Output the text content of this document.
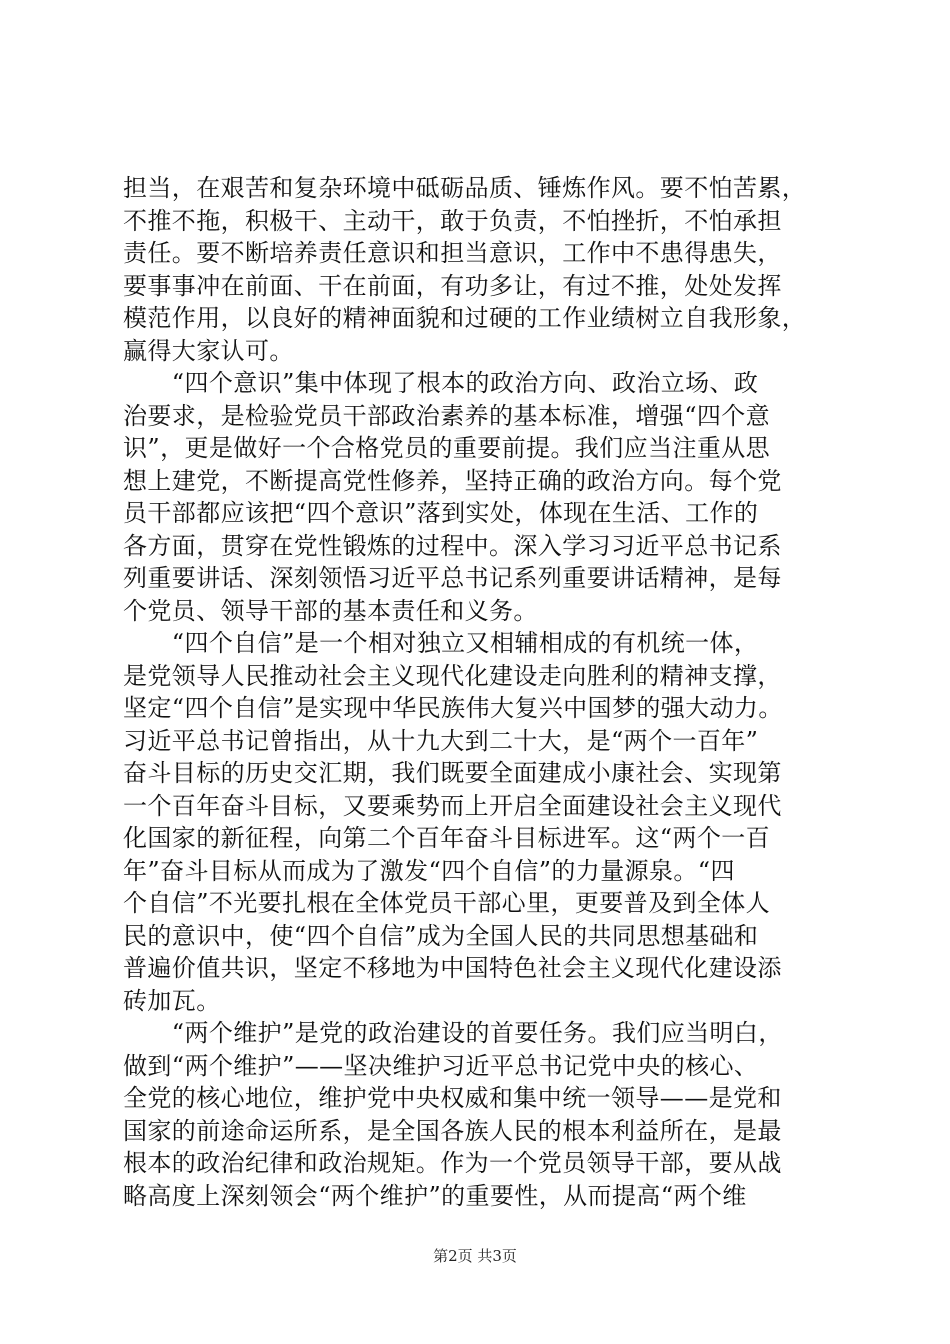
担当，在艰苦和复杂环境中砥砺品质、锤炼作风。要不怕苦累，
不推不拖，积极干、主动干，敢于负责，不怕挫折，不怕承担
责任。要不断培养责任意识和担当意识，工作中不患得患失，
要事事冲在前面、干在前面，有功多让，有过不推，处处发挥
模范作用，以良好的精神面貌和过硬的工作业绩树立自我形象，
赢得大家认可。
　　“四个意识”集中体现了根本的政治方向、政治立场、政
治要求，是检验党员干部政治素养的基本标准，增强“四个意
识”，更是做好一个合格党员的重要前提。我们应当注重从思
想上建党，不断提高党性修养，坚持正确的政治方向。每个党
员干部都应该把“四个意识”落到实处，体现在生活、工作的
各方面，贯穿在党性锻炼的过程中。深入学习习近平总书记系
列重要讲话、深刻领悟习近平总书记系列重要讲话精神，是每
个党员、领导干部的基本责任和义务。
　　“四个自信”是一个相对独立又相辅相成的有机统一体，
是党领导人民推动社会主义现代化建设走向胜利的精神支撑，
坚定“四个自信”是实现中华民族伟大复兴中国梦的强大动力。
习近平总书记曾指出，从十九大到二十大，是“两个一百年”
奋斗目标的历史交汇期，我们既要全面建成小康社会、实现第
一个百年奋斗目标，又要乘势而上开启全面建设社会主义现代
化国家的新征程，向第二个百年奋斗目标进军。这“两个一百
年”奋斗目标从而成为了激发“四个自信”的力量源泉。“四
个自信”不光要扎根在全体党员干部心里，更要普及到全体人
民的意识中，使“四个自信”成为全国人民的共同思想基础和
普遍价值共识，坚定不移地为中国特色社会主义现代化建设添
砖加瓦。
　　“两个维护”是党的政治建设的首要任务。我们应当明白，
做到“两个维护”——坚决维护习近平总书记党中央的核心、
全党的核心地位，维护党中央权威和集中统一领导——是党和
国家的前途命运所系，是全国各族人民的根本利益所在，是最
根本的政治纪律和政治规矩。作为一个党员领导干部，要从战
略高度上深刻领会“两个维护”的重要性，从而提高“两个维
第2页 共3页
